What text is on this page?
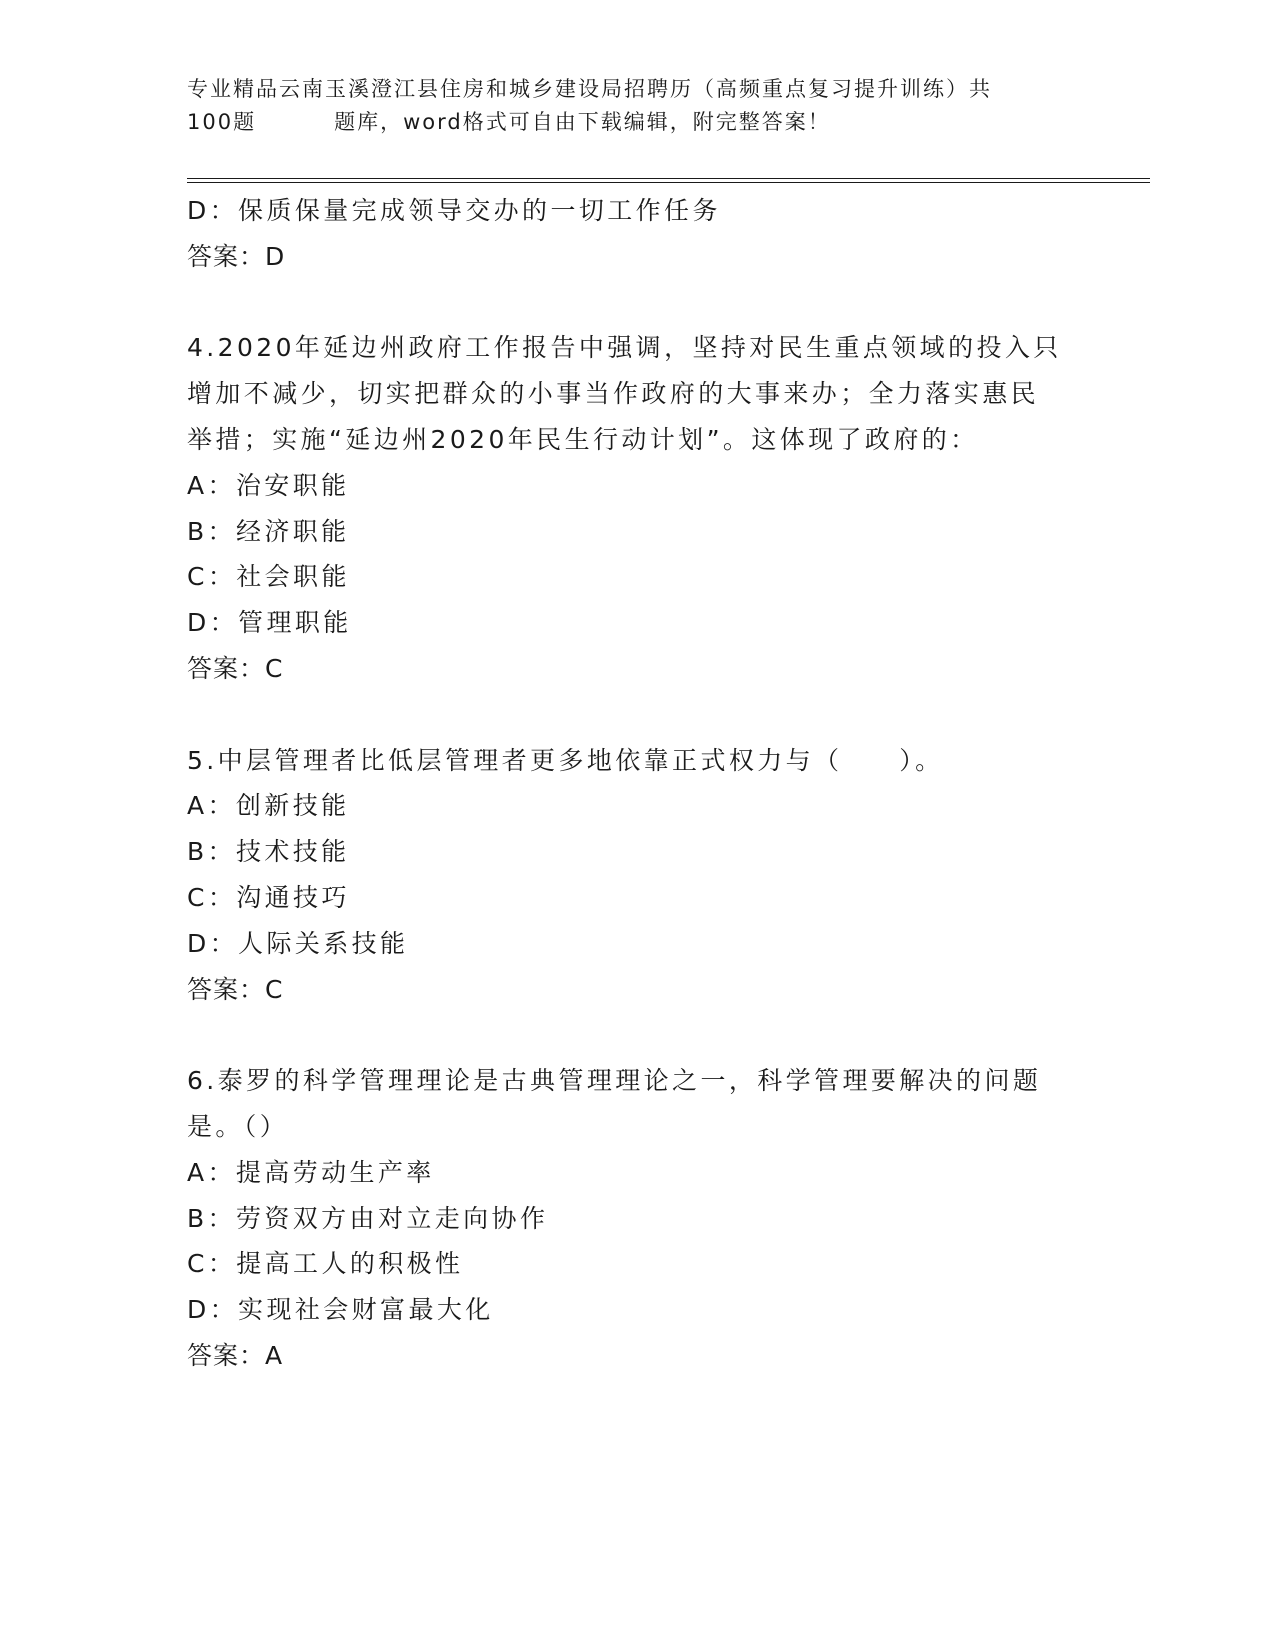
专业精品云南玉溪澄江县住房和城乡建设局招聘历（高频重点复习提升训练）共
100题	题库，word格式可自由下载编辑，附完整答案！
D：保质保量完成领导交办的一切工作任务
答案：D
4.2020年延边州政府工作报告中强调，坚持对民生重点领域的投入只
增加不减少，切实把群众的小事当作政府的大事来办；全力落实惠民
举措；实施“延边州2020年民生行动计划”。这体现了政府的：
A：治安职能
B：经济职能
C：社会职能
D：管理职能
答案：C
5.中层管理者比低层管理者更多地依靠正式权力与（　　）。
A：创新技能
B：技术技能
C：沟通技巧
D：人际关系技能
答案：C
6.泰罗的科学管理理论是古典管理理论之一，科学管理要解决的问题
是。（）
A：提高劳动生产率
B：劳资双方由对立走向协作
C：提高工人的积极性
D：实现社会财富最大化
答案：A
